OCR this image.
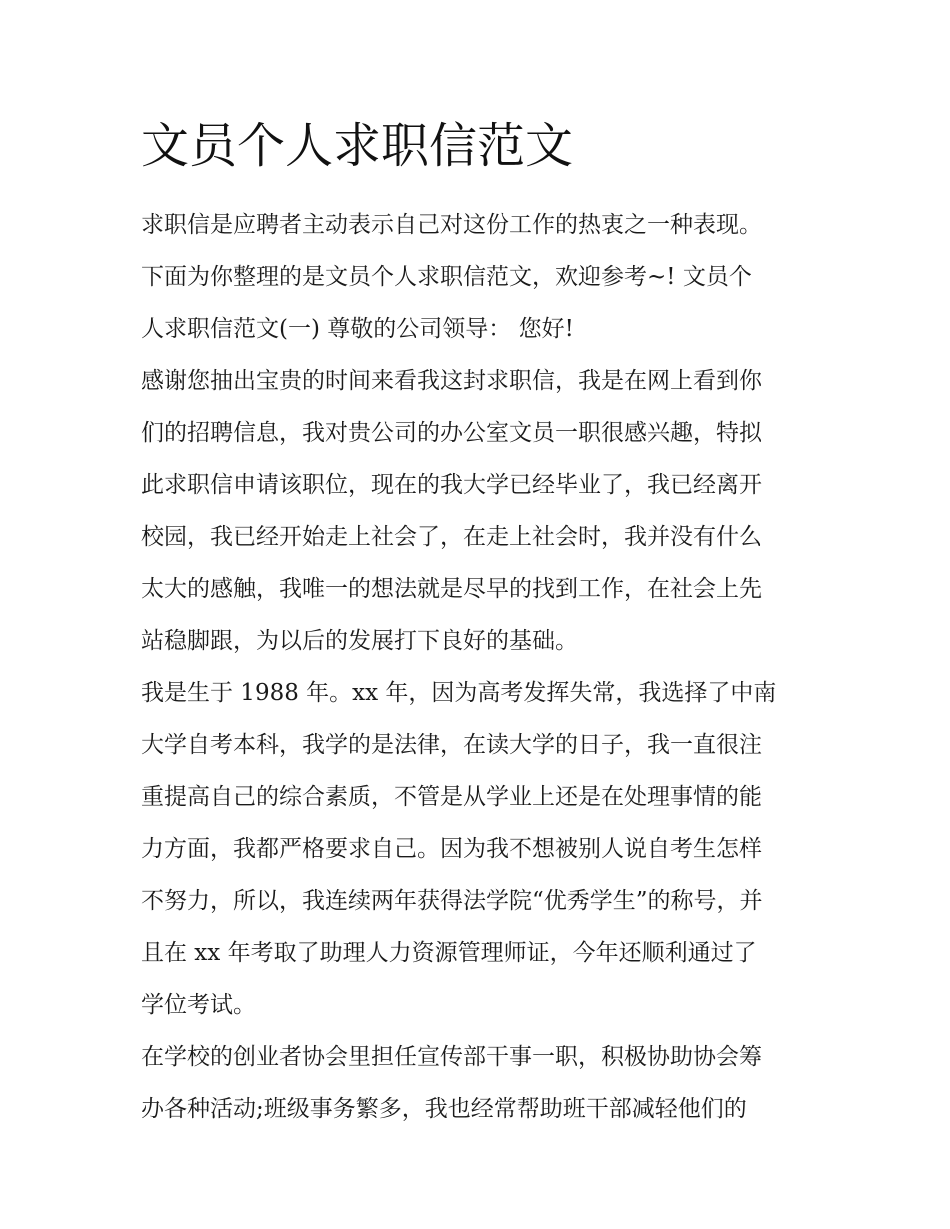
文员个人求职信范文

求职信是应聘者主动表示自己对这份工作的热衷之一种表现。

下面为你整理的是文员个人求职信范文，欢迎参考~! 文员个

人求职信范文(一) 尊敬的公司领导： 您好!

感谢您抽出宝贵的时间来看我这封求职信，我是在网上看到你

们的招聘信息，我对贵公司的办公室文员一职很感兴趣，特拟

此求职信申请该职位，现在的我大学已经毕业了，我已经离开

校园，我已经开始走上社会了，在走上社会时，我并没有什么

太大的感触，我唯一的想法就是尽早的找到工作，在社会上先

站稳脚跟，为以后的发展打下良好的基础。

我是生于 1988 年。xx 年，因为高考发挥失常，我选择了中南

大学自考本科，我学的是法律，在读大学的日子，我一直很注

重提高自己的综合素质，不管是从学业上还是在处理事情的能

力方面，我都严格要求自己。因为我不想被别人说自考生怎样

不努力，所以，我连续两年获得法学院“优秀学生”的称号，并

且在 xx 年考取了助理人力资源管理师证，今年还顺利通过了

学位考试。

在学校的创业者协会里担任宣传部干事一职，积极协助协会筹

办各种活动;班级事务繁多，我也经常帮助班干部减轻他们的
